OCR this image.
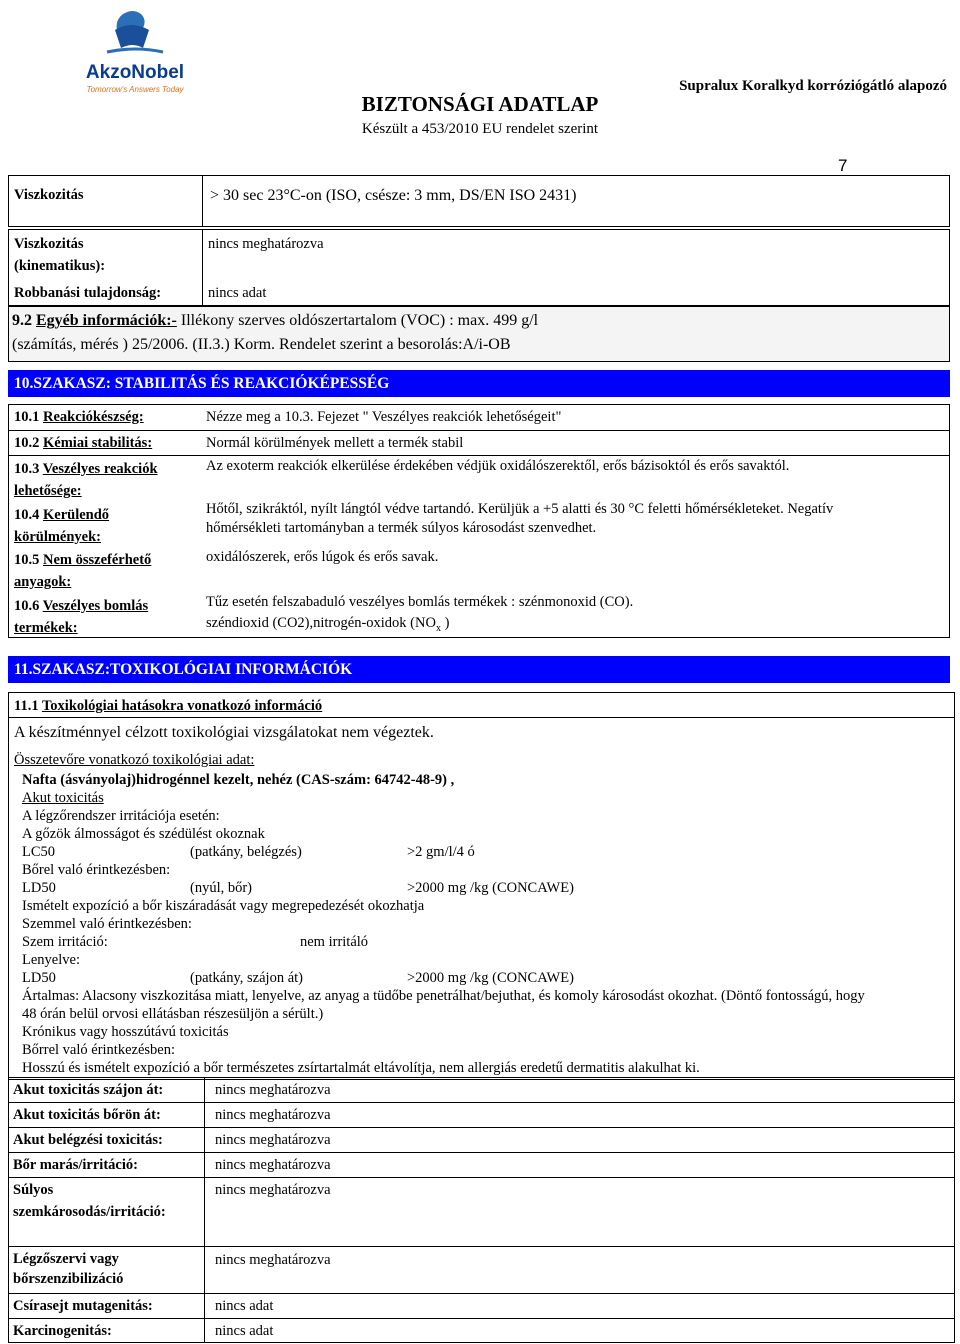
AkzoNobel
Tomorrow's Answers Today
BIZTONSÁGI ADATLAP
Készült a 453/2010 EU rendelet szerint
Supralux Koralkyd korróziógátló alapozó
7
Viszkozitás	> 30 sec 23°C-on (ISO, csésze: 3 mm, DS/EN ISO 2431)
Viszkozitás
(kinematikus):
nincs meghatározva
Robbanási tulajdonság:	nincs adat
9.2 Egyéb információk:- Illékony szerves oldószertartalom (VOC) : max. 499 g/l
(számítás, mérés ) 25/2006. (II.3.) Korm. Rendelet szerint a besorolás:A/i-OB
10.SZAKASZ: STABILITÁS ÉS REAKCIÓKÉPESSÉG
10.1 Reakciókészség:	Nézze meg a 10.3. Fejezet " Veszélyes reakciók lehetőségeit"
10.2 Kémiai stabilitás:	Normál körülmények mellett a termék stabil
10.3 Veszélyes reakciók
lehetősége:
Az exoterm reakciók elkerülése érdekében védjük oxidálószerektől, erős bázisoktól és erős savaktól.
10.4 Kerülendő
körülmények:
Hőtől, szikráktól, nyílt lángtól védve tartandó. Kerüljük a +5 alatti és 30 °C feletti hőmérsékleteket. Negatív
hőmérsékleti tartományban a termék súlyos károsodást szenvedhet.
10.5 Nem összeférhető
anyagok:
oxidálószerek, erős lúgok és erős savak.
10.6 Veszélyes bomlás
termékek:
Tűz esetén felszabaduló veszélyes bomlás termékek : szénmonoxid (CO).
széndioxid (CO2),nitrogén-oxidok ($NO_x$ )
11.SZAKASZ:TOXIKOLÓGIAI INFORMÁCIÓK
11.1 Toxikológiai hatásokra vonatkozó információ
A készítménnyel célzott toxikológiai vizsgálatokat nem végeztek.
Összetevőre vonatkozó toxikológiai adat:
Nafta (ásványolaj)hidrogénnel kezelt, nehéz (CAS-szám: 64742-48-9) ,
Akut toxicitás
A légzőrendszer irritációja esetén:
A gőzök álmosságot és szédülést okoznak
LC50	(patkány, belégzés)	>2 gm/l/4 ó
Bőrel való érintkezésben:
LD50	(nyúl, bőr)	>2000 mg /kg (CONCAWE)
Ismételt expozíció a bőr kiszáradását vagy megrepedezését okozhatja
Szemmel való érintkezésben:
Szem irritáció:	nem irritáló
Lenyelve:
LD50	(patkány, szájon át)	>2000 mg /kg (CONCAWE)
Ártalmas: Alacsony viszkozitása miatt, lenyelve, az anyag a tüdőbe penetrálhat/bejuthat, és komoly károsodást okozhat. (Döntő fontosságú, hogy
48 órán belül orvosi ellátásban részesüljön a sérült.)
Krónikus vagy hosszútávú toxicitás
Bőrrel való érintkezésben:
Hosszú és ismételt expozíció a bőr természetes zsírtartalmát eltávolítja, nem allergiás eredetű dermatitis alakulhat ki.
Akut toxicitás szájon át:	nincs meghatározva
Akut toxicitás bőrön át:	nincs meghatározva
Akut belégzési toxicitás:	nincs meghatározva
Bőr marás/irritáció:	nincs meghatározva
Súlyos
szemkárosodás/irritáció:
nincs meghatározva
Légzőszervi vagy
bőrszenzibilizáció
nincs meghatározva
Csírasejt mutagenitás:	nincs adat
Karcinogenitás:	nincs adat
